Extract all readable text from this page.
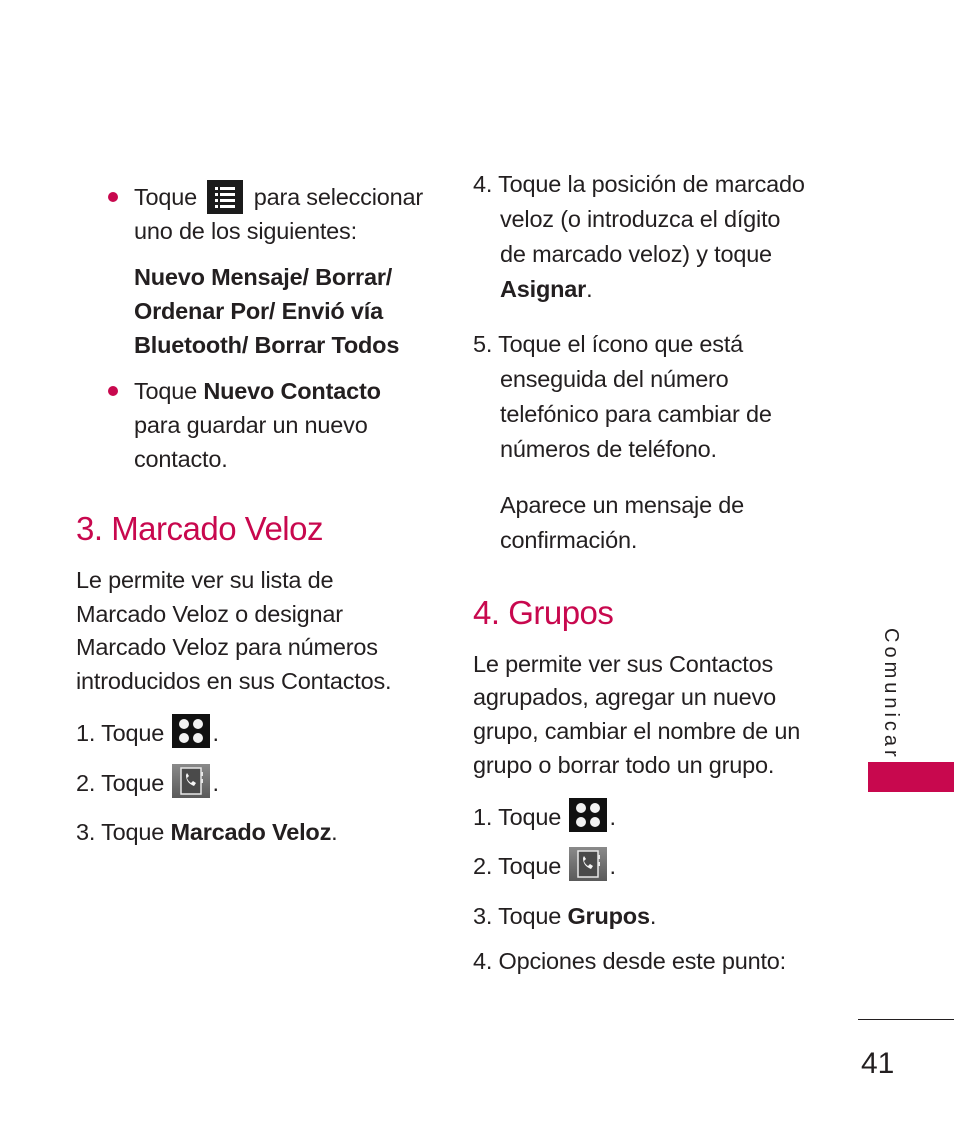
Toque para seleccionar
uno de los siguientes:
Nuevo Mensaje/ Borrar/
Ordenar Por/ Envió vía
Bluetooth/ Borrar Todos
Toque Nuevo Contacto
para guardar un nuevo
contacto.
3. Marcado Veloz
Le permite ver su lista de
Marcado Veloz o designar
Marcado Veloz para números
introducidos en sus Contactos.
1. Toque .
2. Toque .
3. Toque Marcado Veloz.
4. Toque la posición de marcado
veloz (o introduzca el dígito
de marcado veloz) y toque
Asignar.
5. Toque el ícono que está
enseguida del número
telefónico para cambiar de
números de teléfono.
Aparece un mensaje de
confirmación.
4. Grupos
Le permite ver sus Contactos
agrupados, agregar un nuevo
grupo, cambiar el nombre de un
grupo o borrar todo un grupo.
1. Toque .
2. Toque .
3. Toque Grupos.
4. Opciones desde este punto:
Comunicar
41
